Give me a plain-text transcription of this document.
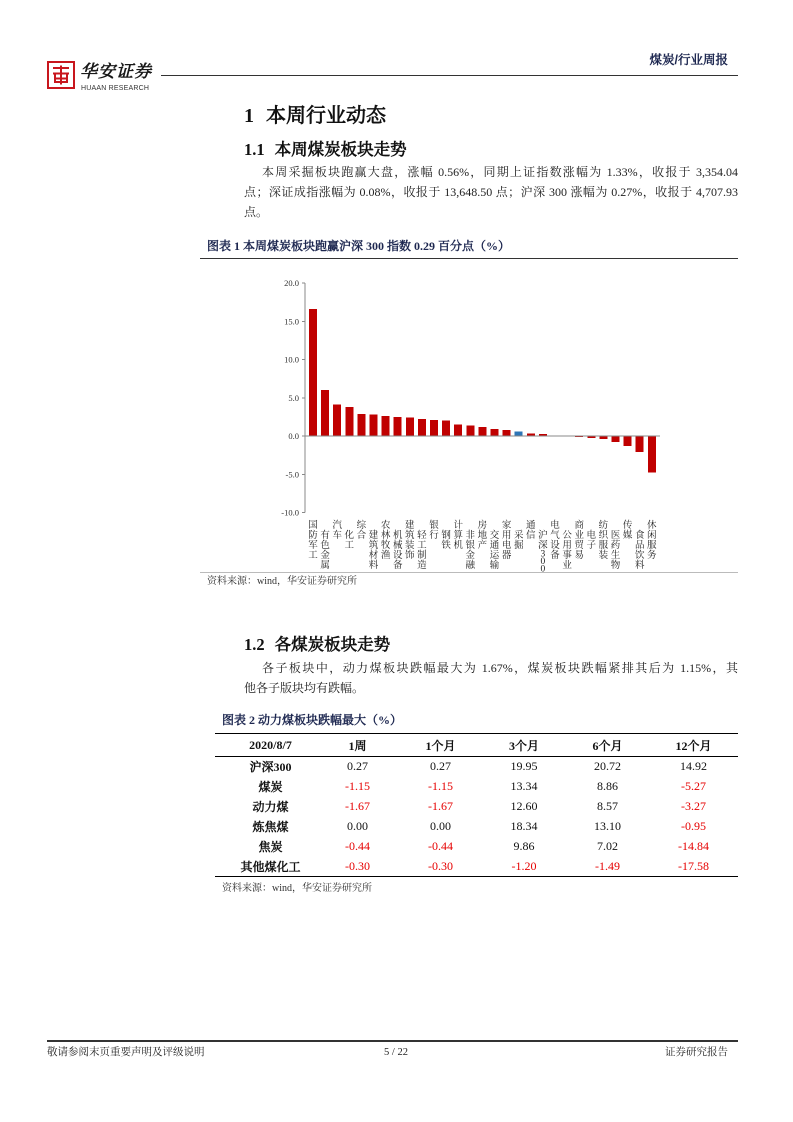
华安证券
HUAAN RESEARCH
煤炭/行业周报
1 本周行业动态
1.1 本周煤炭板块走势
本周采掘板块跑赢大盘，涨幅 0.56%，同期上证指数涨幅为 1.33%，收报于 3,354.04
点；深证成指涨幅为 0.08%，收报于 13,648.50 点；沪深 300 涨幅为 0.27%，收报于 4,707.93
点。
图表 1 本周煤炭板块跑赢沪深 300 指数 0.29 百分点（%）
20.0
15.0
10.0
5.0
0.0
-5.0
-10.0
国防军工
有色金属
汽车 化工
综合 建筑材料
农林牧渔
机械设备
建筑装饰
轻工制造
银行 钢铁
计算机
非银金融
房地产
交通运输
家用电器
采掘
通信 沪深 3 0 0
电气设备
公用事业
商业贸易
电子
纺织服装
医药生物
传媒 食品饮料
休闲服务
资料来源：wind，华安证券研究所
1.2 各煤炭板块走势
各子板块中，动力煤板块跌幅最大为 1.67%，煤炭板块跌幅紧排其后为 1.15%，其
他各子版块均有跌幅。
图表 2 动力煤板块跌幅最大（%）
2020/8/7	1周	1个月	3个月	6个月	12个月
沪深300	0.27	0.27	19.95	20.72	14.92
煤炭	-1.15	-1.15	13.34	8.86	-5.27
动力煤	-1.67	-1.67	12.60	8.57	-3.27
炼焦煤	0.00	0.00	18.34	13.10	-0.95
焦炭	-0.44	-0.44	9.86	7.02	-14.84
其他煤化工	-0.30	-0.30	-1.20	-1.49	-17.58
资料来源：wind，华安证券研究所
敬请参阅末页重要声明及评级说明	5 / 22	证券研究报告
